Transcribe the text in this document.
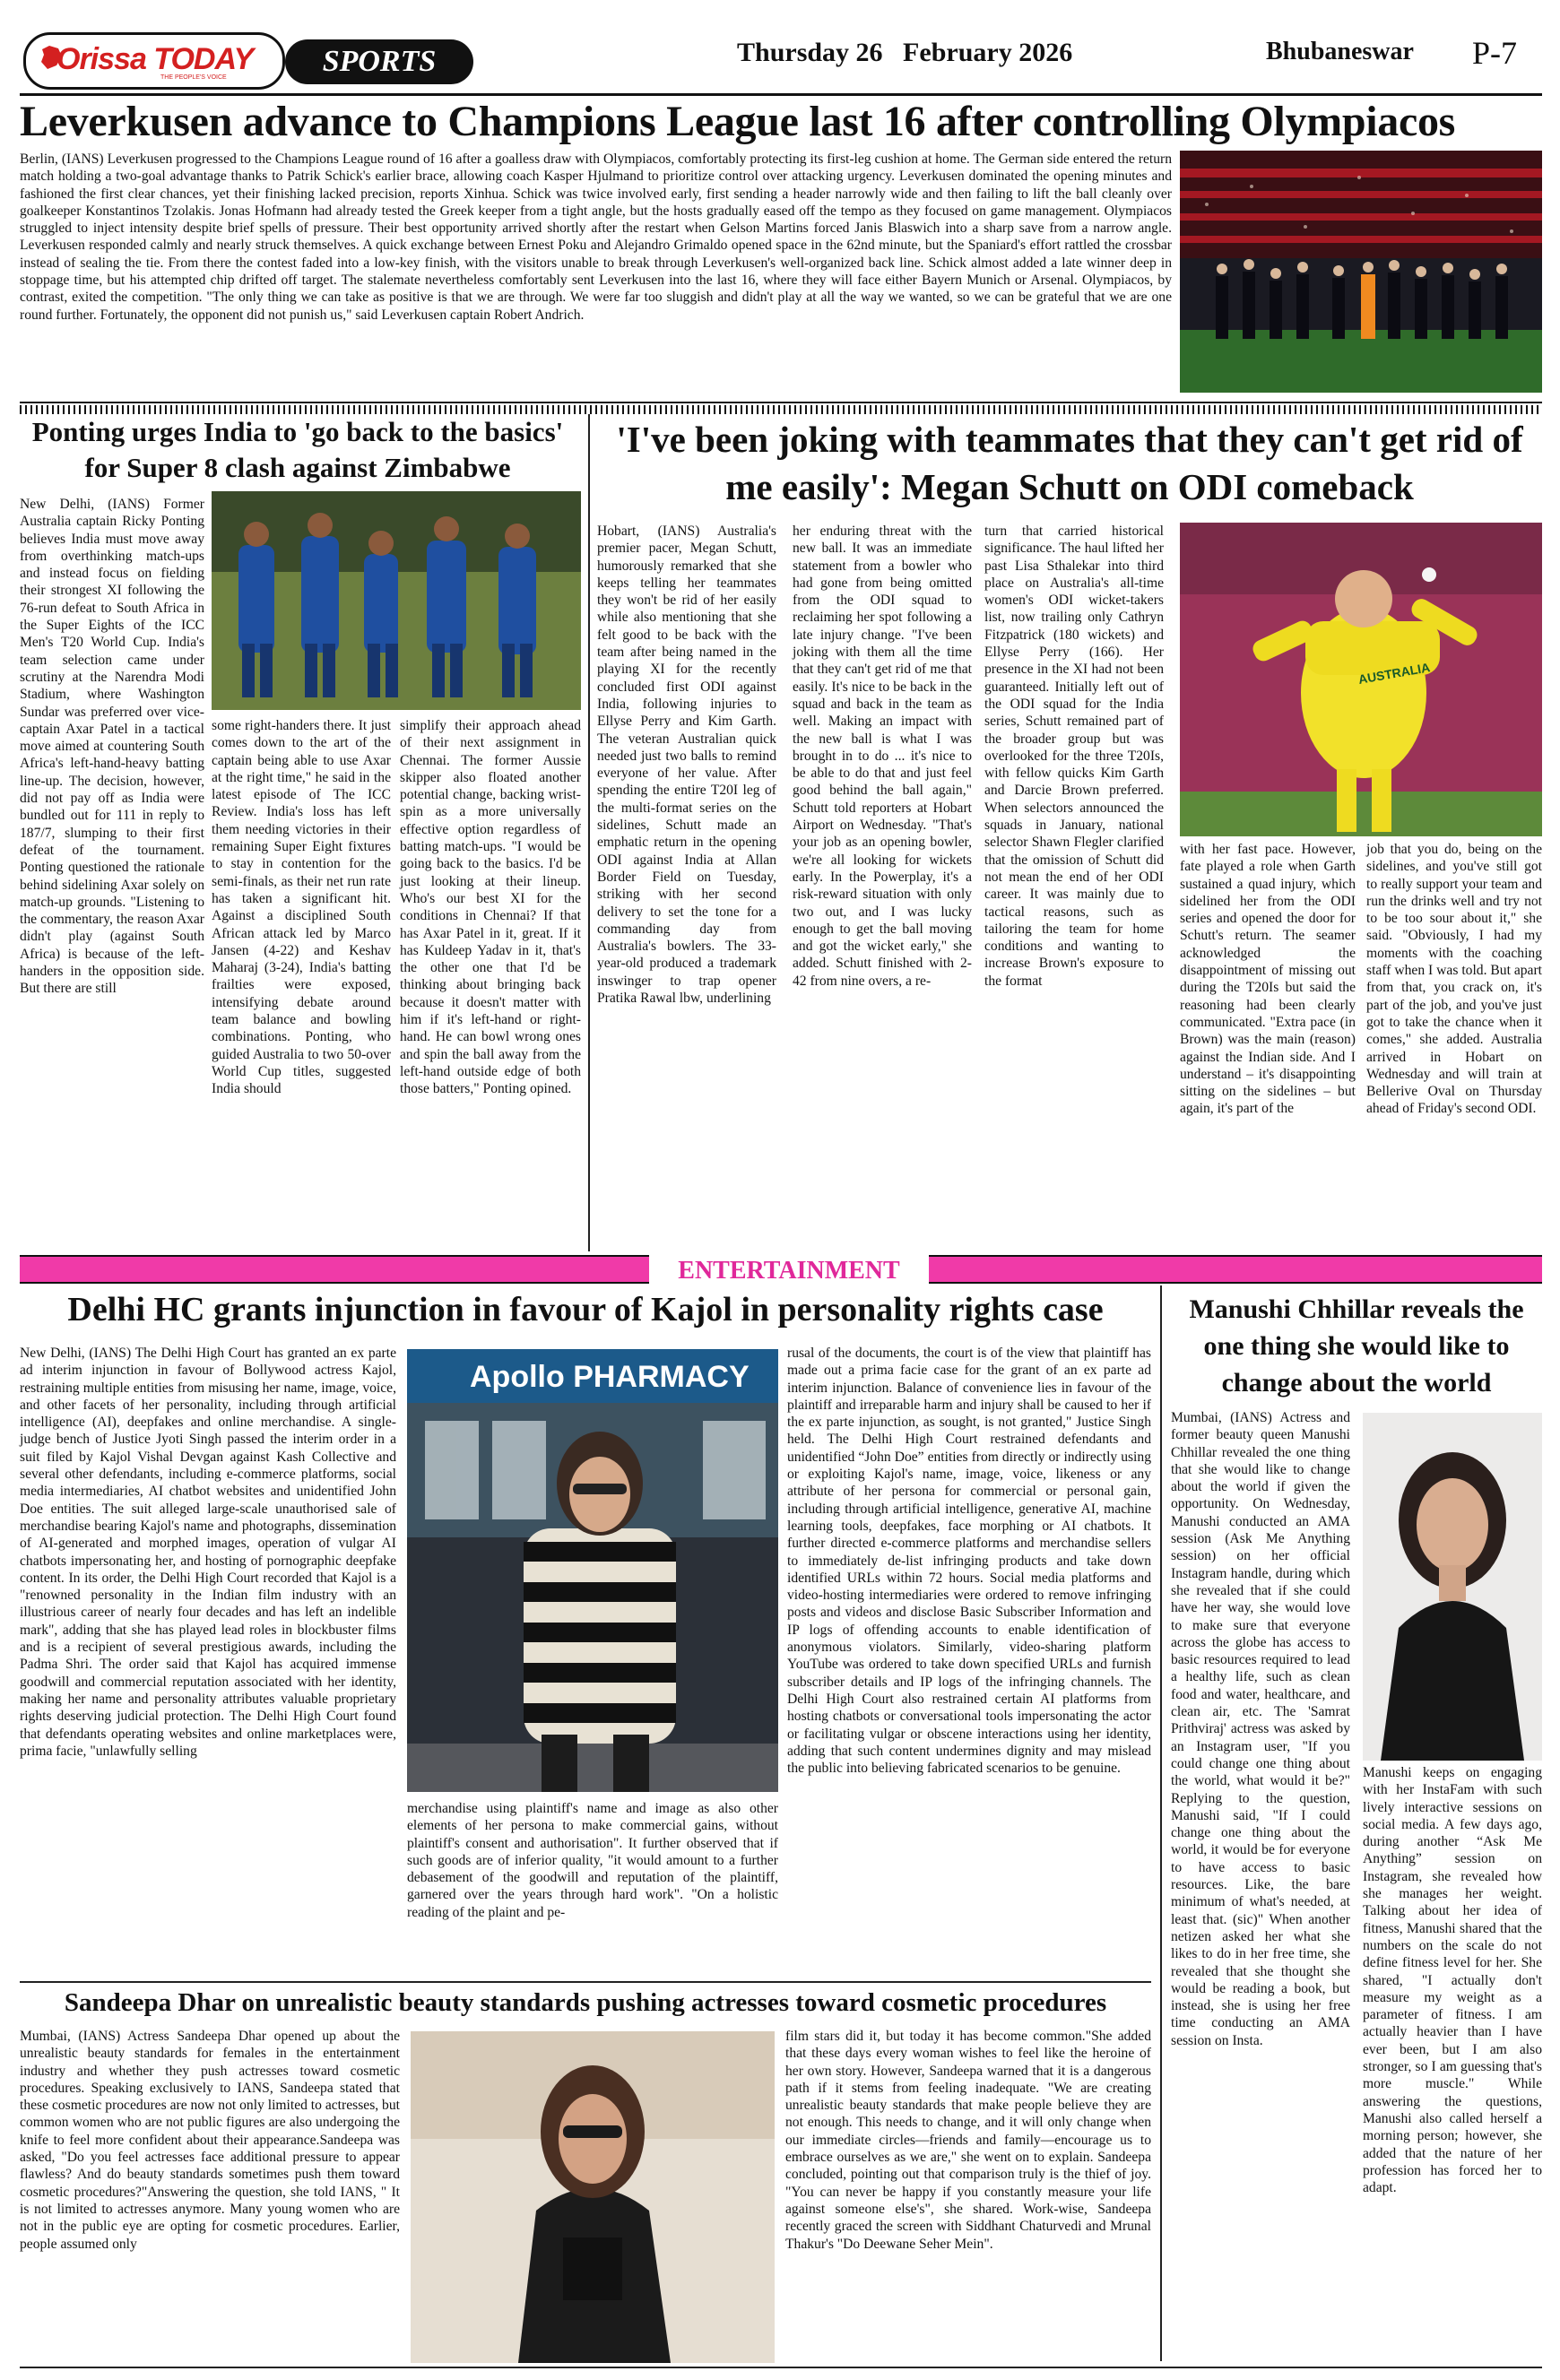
Orissa TODAY
THE PEOPLE'S VOICE	SPORTS	Thursday 26   February 2026	Bhubaneswar P-7
Leverkusen advance to Champions League last 16 after controlling Olympiacos
Berlin, (IANS) Leverkusen progressed to the Champions League round of 16 after a goalless draw with Olympiacos, comfortably protecting its first-leg cushion at home. The German side entered the return match holding a two-goal advantage thanks to Patrik Schick's earlier brace, allowing coach Kasper Hjulmand to prioritize control over attacking urgency. Leverkusen dominated the opening minutes and fashioned the first clear chances, yet their finishing lacked precision, reports Xinhua. Schick was twice involved early, first sending a header narrowly wide and then failing to lift the ball cleanly over goalkeeper Konstantinos Tzolakis. Jonas Hofmann had already tested the Greek keeper from a tight angle, but the hosts gradually eased off the tempo as they focused on game management. Olympiacos struggled to inject intensity despite brief spells of pressure. Their best opportunity arrived shortly after the restart when Gelson Martins forced Janis Blaswich into a sharp save from a narrow angle. Leverkusen responded calmly and nearly struck themselves. A quick exchange between Ernest Poku and Alejandro Grimaldo opened space in the 62nd minute, but the Spaniard's effort rattled the crossbar instead of sealing the tie. From there the contest faded into a low-key finish, with the visitors unable to break through Leverkusen's well-organized back line. Schick almost added a late winner deep in stoppage time, but his attempted chip drifted off target. The stalemate nevertheless comfortably sent Leverkusen into the last 16, where they will face either Bayern Munich or Arsenal. Olympiacos, by contrast, exited the competition. "The only thing we can take as positive is that we are through. We were far too sluggish and didn't play at all the way we wanted, so we can be grateful that we are one round further. Fortunately, the opponent did not punish us," said Leverkusen captain Robert Andrich.
Ponting urges India to 'go back to the basics' for Super 8 clash against Zimbabwe
New Delhi, (IANS) Former Australia captain Ricky Ponting believes India must move away from overthinking match-ups and instead focus on fielding their strongest XI following the 76-run defeat to South Africa in the Super Eights of the ICC Men's T20 World Cup. India's team selection came under scrutiny at the Narendra Modi Stadium, where Washington Sundar was preferred over vice-captain Axar Patel in a tactical move aimed at countering South Africa's left-hand-heavy batting line-up. The decision, however, did not pay off as India were bundled out for 111 in reply to 187/7, slumping to their first defeat of the tournament. Ponting questioned the rationale behind sidelining Axar solely on match-up grounds. "Listening to the commentary, the reason Axar didn't play (against South Africa) is because of the left-handers in the opposition side. But there are still
some right-handers there. It just comes down to the art of the captain being able to use Axar at the right time," he said in the latest episode of The ICC Review. India's loss has left them needing victories in their remaining Super Eight fixtures to stay in contention for the semi-finals, as their net run rate has taken a significant hit. Against a disciplined South African attack led by Marco Jansen (4-22) and Keshav Maharaj (3-24), India's batting frailties were exposed, intensifying debate around team balance and bowling combinations. Ponting, who guided Australia to two 50-over World Cup titles, suggested India should
simplify their approach ahead of their next assignment in Chennai. The former Aussie skipper also floated another potential change, backing wrist-spin as a more universally effective option regardless of batting match-ups. "I would be going back to the basics. I'd be just looking at their lineup. Who's our best XI for the conditions in Chennai? If that has Axar Patel in it, great. If it has Kuldeep Yadav in it, that's the other one that I'd be thinking about bringing back because it doesn't matter with him if it's left-hand or right-hand. He can bowl wrong ones and spin the ball away from the left-hand outside edge of both those batters," Ponting opined.
'I've been joking with teammates that they can't get rid of me easily': Megan Schutt on ODI comeback
Hobart, (IANS) Australia's premier pacer, Megan Schutt, humorously remarked that she keeps telling her teammates they won't be rid of her easily while also mentioning that she felt good to be back with the team after being named in the playing XI for the recently concluded first ODI against India, following injuries to Ellyse Perry and Kim Garth. The veteran Australian quick needed just two balls to remind everyone of her value. After spending the entire T20I leg of the multi-format series on the sidelines, Schutt made an emphatic return in the opening ODI against India at Allan Border Field on Tuesday, striking with her second delivery to set the tone for a commanding day from Australia's bowlers. The 33-year-old produced a trademark inswinger to trap opener Pratika Rawal lbw, underlining
her enduring threat with the new ball. It was an immediate statement from a bowler who had gone from being omitted from the ODI squad to reclaiming her spot following a late injury change. "I've been joking with them all the time that they can't get rid of me that easily. It's nice to be back in the squad and back in the team as well. Making an impact with the new ball is what I was brought in to do ... it's nice to be able to do that and just feel good behind the ball again," Schutt told reporters at Hobart Airport on Wednesday. "That's your job as an opening bowler, we're all looking for wickets early. In the Powerplay, it's a risk-reward situation with only two out, and I was lucky enough to get the ball moving and got the wicket early," she added. Schutt finished with 2-42 from nine overs, a re-
turn that carried historical significance. The haul lifted her past Lisa Sthalekar into third place on Australia's all-time women's ODI wicket-takers list, now trailing only Cathryn Fitzpatrick (180 wickets) and Ellyse Perry (166). Her presence in the XI had not been guaranteed. Initially left out of the ODI squad for the India series, Schutt remained part of the broader group but was overlooked for the three T20Is, with fellow quicks Kim Garth and Darcie Brown preferred. When selectors announced the squads in January, national selector Shawn Flegler clarified that the omission of Schutt did not mean the end of her ODI career. It was mainly due to tactical reasons, such as tailoring the team for home conditions and wanting to increase Brown's exposure to the format
AUSTRALIA
with her fast pace. However, fate played a role when Garth sustained a quad injury, which sidelined her from the ODI series and opened the door for Schutt's return. The seamer acknowledged the disappointment of missing out during the T20Is but said the reasoning had been clearly communicated. "Extra pace (in Brown) was the main (reason) against the Indian side. And I understand – it's disappointing sitting on the sidelines – but again, it's part of the
job that you do, being on the sidelines, and you've still got to really support your team and run the drinks well and try not to be too sour about it," she said. "Obviously, I had my moments with the coaching staff when I was told. But apart from that, you crack on, it's part of the job, and you've just got to take the chance when it comes," she added. Australia arrived in Hobart on Wednesday and will train at Bellerive Oval on Thursday ahead of Friday's second ODI.
ENTERTAINMENT
Delhi HC grants injunction in favour of Kajol in personality rights case
New Delhi, (IANS) The Delhi High Court has granted an ex parte ad interim injunction in favour of Bollywood actress Kajol, restraining multiple entities from misusing her name, image, voice, and other facets of her personality, including through artificial intelligence (AI), deepfakes and online merchandise. A single-judge bench of Justice Jyoti Singh passed the interim order in a suit filed by Kajol Vishal Devgan against Kash Collective and several other defendants, including e-commerce platforms, social media intermediaries, AI chatbot websites and unidentified John Doe entities. The suit alleged large-scale unauthorised sale of merchandise bearing Kajol's name and photographs, dissemination of AI-generated and morphed images, operation of vulgar AI chatbots impersonating her, and hosting of pornographic deepfake content. In its order, the Delhi High Court recorded that Kajol is a "renowned personality in the Indian film industry with an illustrious career of nearly four decades and has left an indelible mark", adding that she has played lead roles in blockbuster films and is a recipient of several prestigious awards, including the Padma Shri. The order said that Kajol has acquired immense goodwill and commercial reputation associated with her identity, making her name and personality attributes valuable proprietary rights deserving judicial protection. The Delhi High Court found that defendants operating websites and online marketplaces were, prima facie, "unlawfully selling
Apollo PHARMACY
merchandise using plaintiff's name and image as also other elements of her persona to make commercial gains, without plaintiff's consent and authorisation". It further observed that if such goods are of inferior quality, "it would amount to a further debasement of the goodwill and reputation of the plaintiff, garnered over the years through hard work". "On a holistic reading of the plaint and pe-
rusal of the documents, the court is of the view that plaintiff has made out a prima facie case for the grant of an ex parte ad interim injunction. Balance of convenience lies in favour of the plaintiff and irreparable harm and injury shall be caused to her if the ex parte injunction, as sought, is not granted," Justice Singh held. The Delhi High Court restrained defendants and unidentified “John Doe” entities from directly or indirectly using or exploiting Kajol's name, image, voice, likeness or any attribute of her persona for commercial or personal gain, including through artificial intelligence, generative AI, machine learning tools, deepfakes, face morphing or AI chatbots. It further directed e-commerce platforms and merchandise sellers to immediately de-list infringing products and take down identified URLs within 72 hours. Social media platforms and video-hosting intermediaries were ordered to remove infringing posts and videos and disclose Basic Subscriber Information and IP logs of offending accounts to enable identification of anonymous violators. Similarly, video-sharing platform YouTube was ordered to take down specified URLs and furnish subscriber details and IP logs of the infringing channels. The Delhi High Court also restrained certain AI platforms from hosting chatbots or conversational tools impersonating the actor or facilitating vulgar or obscene interactions using her identity, adding that such content undermines dignity and may mislead the public into believing fabricated scenarios to be genuine.
Manushi Chhillar reveals the one thing she would like to change about the world
Mumbai, (IANS) Actress and former beauty queen Manushi Chhillar revealed the one thing that she would like to change about the world if given the opportunity. On Wednesday, Manushi conducted an AMA session (Ask Me Anything session) on her official Instagram handle, during which she revealed that if she could have her way, she would love to make sure that everyone across the globe has access to basic resources required to lead a healthy life, such as clean food and water, healthcare, and clean air, etc. The 'Samrat Prithviraj' actress was asked by an Instagram user, "If you could change one thing about the world, what would it be?" Replying to the question, Manushi said, "If I could change one thing about the world, it would be for everyone to have access to basic resources. Like, the bare minimum of what's needed, at least that. (sic)" When another netizen asked her what she likes to do in her free time, she revealed that she thought she would be reading a book, but instead, she is using her free time conducting an AMA session on Insta.
Manushi keeps on engaging with her InstaFam with such lively interactive sessions on social media. A few days ago, during another “Ask Me Anything” session on Instagram, she revealed how she manages her weight. Talking about her idea of fitness, Manushi shared that the numbers on the scale do not define fitness level for her. She shared, "I actually don't measure my weight as a parameter of fitness. I am actually heavier than I have ever been, but I am also stronger, so I am guessing that's more muscle." While answering the questions, Manushi also called herself a morning person; however, she added that the nature of her profession has forced her to adapt.
Sandeepa Dhar on unrealistic beauty standards pushing actresses toward cosmetic procedures
Mumbai, (IANS) Actress Sandeepa Dhar opened up about the unrealistic beauty standards for females in the entertainment industry and whether they push actresses toward cosmetic procedures. Speaking exclusively to IANS, Sandeepa stated that these cosmetic procedures are now not only limited to actresses, but common women who are not public figures are also undergoing the knife to feel more confident about their appearance.Sandeepa was asked, "Do you feel actresses face additional pressure to appear flawless? And do beauty standards sometimes push them toward cosmetic procedures?"Answering the question, she told IANS, " It is not limited to actresses anymore. Many young women who are not in the public eye are opting for cosmetic procedures. Earlier, people assumed only
film stars did it, but today it has become common."She added that these days every woman wishes to feel like the heroine of her own story. However, Sandeepa warned that it is a dangerous path if it stems from feeling inadequate. "We are creating unrealistic beauty standards that make people believe they are not enough. This needs to change, and it will only change when our immediate circles—friends and family—encourage us to embrace ourselves as we are," she went on to explain. Sandeepa concluded, pointing out that comparison truly is the thief of joy. "You can never be happy if you constantly measure your life against someone else's", she shared. Work-wise, Sandeepa recently graced the screen with Siddhant Chaturvedi and Mrunal Thakur's "Do Deewane Seher Mein".
